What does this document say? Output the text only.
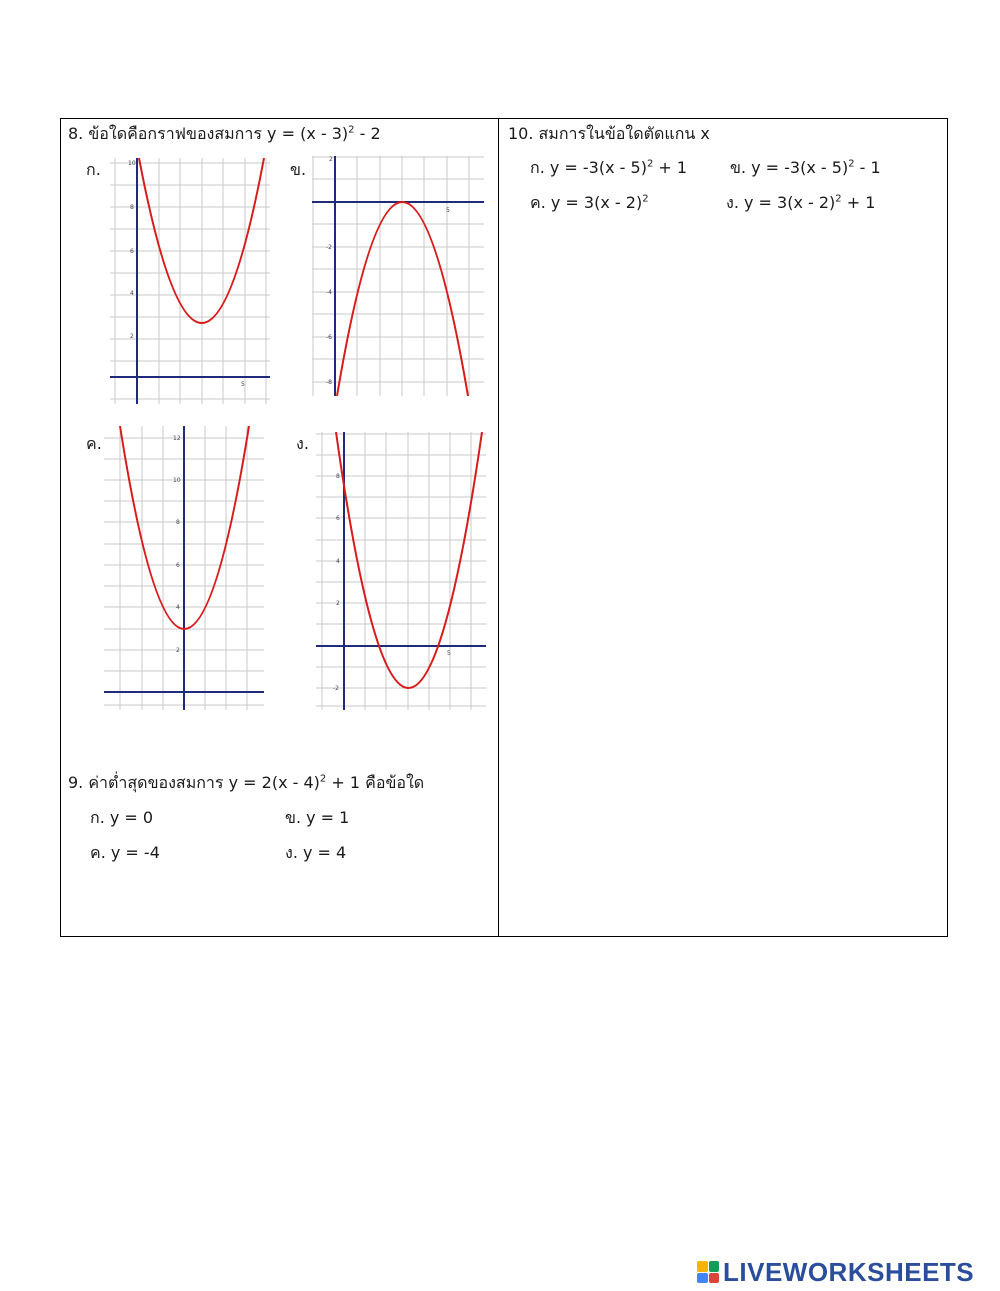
8. ข้อใดคือกราฟของสมการ y = (x - 3)$^2$ - 2
ก.	ข.
ค.	ง.
10
8
6
4
2
5
2
-2
-4
-6
-8
5
12
10
8
6
4
2
8
6
4
2
-2
5
9. ค่าต่ำสุดของสมการ y = 2(x - 4)$^2$ + 1 คือข้อใด
ก. y = 0	ข. y = 1
ค. y = -4	ง. y = 4
10. สมการในข้อใดตัดแกน x
ก. y = -3(x - 5)$^2$ + 1	ข. y = -3(x - 5)$^2$ - 1
ค. y = 3(x - 2)$^2$	ง. y = 3(x - 2)$^2$ + 1
LIVEWORKSHEETS
